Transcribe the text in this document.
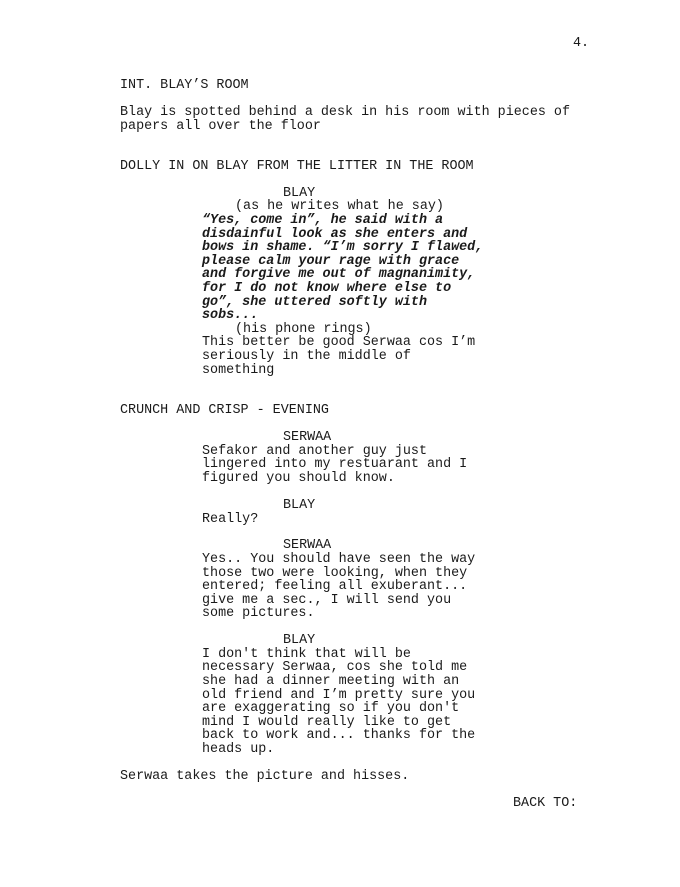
4.
INT. BLAY’S ROOM
Blay is spotted behind a desk in his room with pieces of
papers all over the floor
DOLLY IN ON BLAY FROM THE LITTER IN THE ROOM
BLAY
(as he writes what he say)
“Yes, come in”, he said with a
disdainful look as she enters and
bows in shame. “I’m sorry I flawed,
please calm your rage with grace
and forgive me out of magnanimity,
for I do not know where else to
go”, she uttered softly with
sobs...
(his phone rings)
This better be good Serwaa cos I’m
seriously in the middle of
something
CRUNCH AND CRISP - EVENING
SERWAA
Sefakor and another guy just
lingered into my restuarant and I
figured you should know.
BLAY
Really?
SERWAA
Yes.. You should have seen the way
those two were looking, when they
entered; feeling all exuberant...
give me a sec., I will send you
some pictures.
BLAY
I don't think that will be
necessary Serwaa, cos she told me
she had a dinner meeting with an
old friend and I’m pretty sure you
are exaggerating so if you don't
mind I would really like to get
back to work and... thanks for the
heads up.
Serwaa takes the picture and hisses.
BACK TO:
